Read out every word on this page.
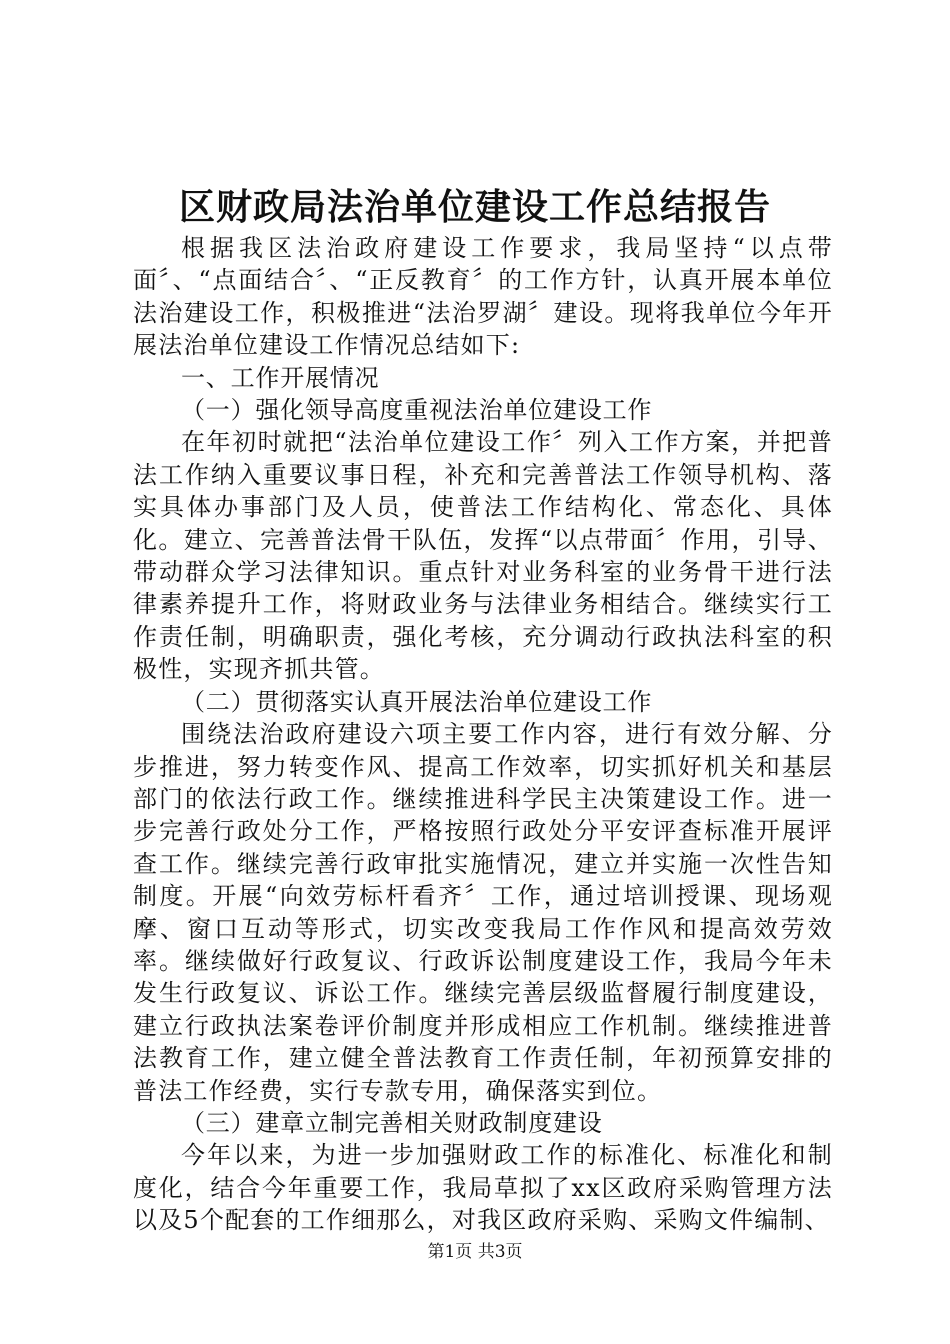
区财政局法治单位建设工作总结报告

根据我区法治政府建设工作要求，我局坚持“以点带面〞、“点面结合〞、“正反教育〞的工作方针，认真开展本单位法治建设工作，积极推进“法治罗湖〞建设。现将我单位今年开展法治单位建设工作情况总结如下:

一、工作开展情况

（一）强化领导高度重视法治单位建设工作

在年初时就把“法治单位建设工作〞列入工作方案，并把普法工作纳入重要议事日程，补充和完善普法工作领导机构、落实具体办事部门及人员，使普法工作结构化、常态化、具体化。建立、完善普法骨干队伍，发挥“以点带面〞作用，引导、带动群众学习法律知识。重点针对业务科室的业务骨干进行法律素养提升工作，将财政业务与法律业务相结合。继续实行工作责任制，明确职责，强化考核，充分调动行政执法科室的积极性，实现齐抓共管。

（二）贯彻落实认真开展法治单位建设工作

围绕法治政府建设六项主要工作内容，进行有效分解、分步推进，努力转变作风、提高工作效率，切实抓好机关和基层部门的依法行政工作。继续推进科学民主决策建设工作。进一步完善行政处分工作，严格按照行政处分平安评查标准开展评查工作。继续完善行政审批实施情况，建立并实施一次性告知制度。开展“向效劳标杆看齐〞工作，通过培训授课、现场观摩、窗口互动等形式，切实改变我局工作作风和提高效劳效率。继续做好行政复议、行政诉讼制度建设工作，我局今年未发生行政复议、诉讼工作。继续完善层级监督履行制度建设，建立行政执法案卷评价制度并形成相应工作机制。继续推进普法教育工作，建立健全普法教育工作责任制，年初预算安排的普法工作经费，实行专款专用，确保落实到位。

（三）建章立制完善相关财政制度建设

今年以来，为进一步加强财政工作的标准化、标准化和制度化，结合今年重要工作，我局草拟了xx区政府采购管理方法以及5个配套的工作细那么，对我区政府采购、采购文件编制、

第1页 共3页
